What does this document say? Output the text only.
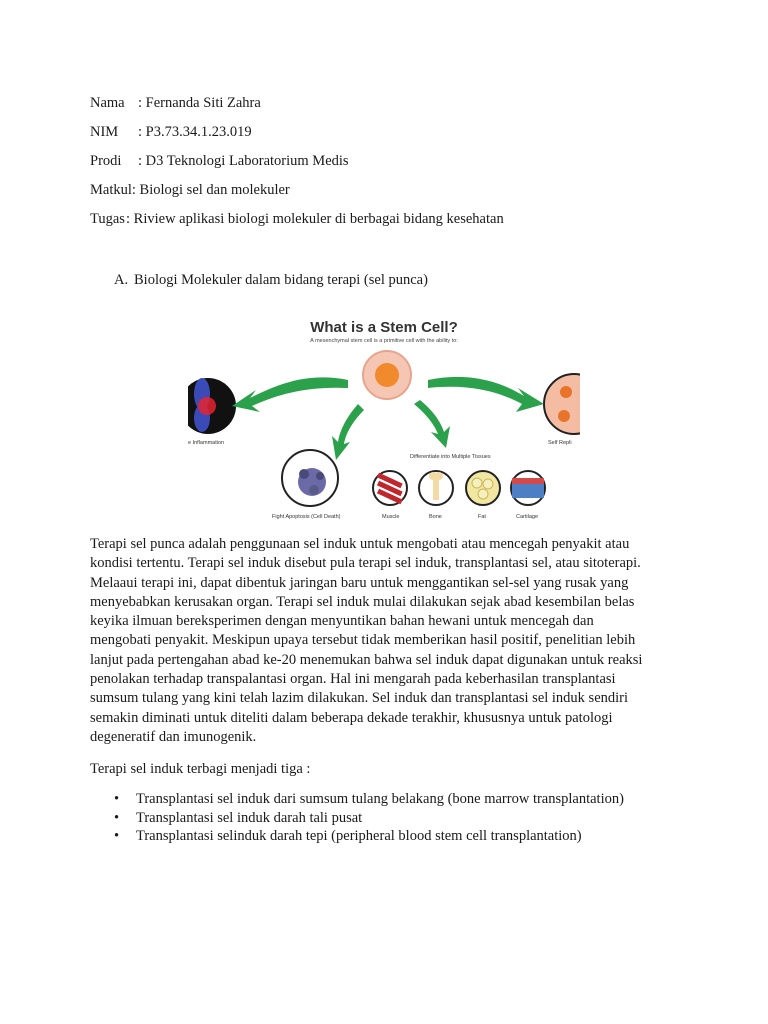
Nama : Fernanda Siti Zahra
NIM : P3.73.34.1.23.019
Prodi : D3 Teknologi Laboratorium Medis
Matkul: Biologi sel dan molekuler
Tugas: Riview aplikasi biologi molekuler di berbagai bidang kesehatan
A. Biologi Molekuler dalam bidang terapi (sel punca)
What is a Stem Cell?
A mesenchymal stem cell is a primitive cell with the ability to:
e Inflammation	Self Repli
Fight Apoptosis (Cell Death)
Differentiate into Multiple Tissues
Muscle	Bone	Fat	Cartilage
Terapi sel punca adalah penggunaan sel induk untuk mengobati atau mencegah penyakit atau
kondisi tertentu. Terapi sel induk disebut pula terapi sel induk, transplantasi sel, atau sitoterapi.
Melaaui terapi ini, dapat dibentuk jaringan baru untuk menggantikan sel-sel yang rusak yang
menyebabkan kerusakan organ. Terapi sel induk mulai dilakukan sejak abad kesembilan belas
keyika ilmuan bereksperimen dengan menyuntikan bahan hewani untuk mencegah dan
mengobati penyakit. Meskipun upaya tersebut tidak memberikan hasil positif, penelitian lebih
lanjut pada pertengahan abad ke-20 menemukan bahwa sel induk dapat digunakan untuk reaksi
penolakan terhadap transpalantasi organ. Hal ini mengarah pada keberhasilan transplantasi
sumsum tulang yang kini telah lazim dilakukan. Sel induk dan transplantasi sel induk sendiri
semakin diminati untuk diteliti dalam beberapa dekade terakhir, khususnya untuk patologi
degeneratif dan imunogenik.
Terapi sel induk terbagi menjadi tiga :
• Transplantasi sel induk dari sumsum tulang belakang (bone marrow transplantation)
• Transplantasi sel induk darah tali pusat
• Transplantasi selinduk darah tepi (peripheral blood stem cell transplantation)
